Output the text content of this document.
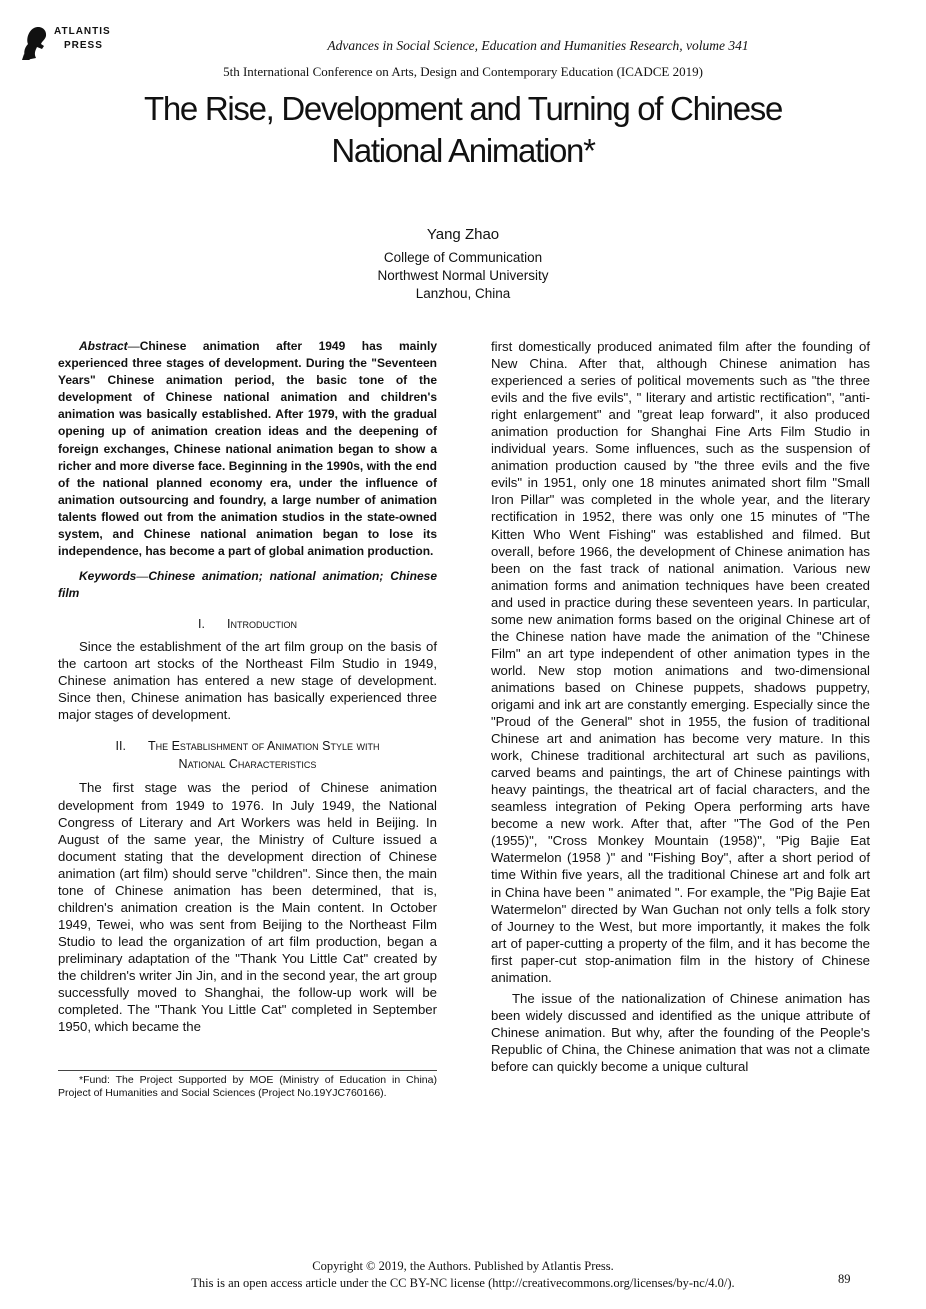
ATLANTIS
PRESS	Advances in Social Science, Education and Humanities Research, volume 341
5th International Conference on Arts, Design and Contemporary Education (ICADCE 2019)
The Rise, Development and Turning of Chinese
National Animation*
Yang Zhao
College of Communication
Northwest Normal University
Lanzhou, China

Abstract—Chinese animation after 1949 has mainly experienced three stages of development. During the "Seventeen Years" Chinese animation period, the basic tone of the development of Chinese national animation and children's animation was basically established. After 1979, with the gradual opening up of animation creation ideas and the deepening of foreign exchanges, Chinese national animation began to show a richer and more diverse face. Beginning in the 1990s, with the end of the national planned economy era, under the influence of animation outsourcing and foundry, a large number of animation talents flowed out from the animation studios in the state-owned system, and Chinese national animation began to lose its independence, has become a part of global animation production.

Keywords—Chinese animation; national animation; Chinese film

I. Introduction

Since the establishment of the art film group on the basis of the cartoon art stocks of the Northeast Film Studio in 1949, Chinese animation has entered a new stage of development. Since then, Chinese animation has basically experienced three major stages of development.

II. The Establishment of Animation Style with
National Characteristics

The first stage was the period of Chinese animation development from 1949 to 1976. In July 1949, the National Congress of Literary and Art Workers was held in Beijing. In August of the same year, the Ministry of Culture issued a document stating that the development direction of Chinese animation (art film) should serve "children". Since then, the main tone of Chinese animation has been determined, that is, children's animation creation is the Main content. In October 1949, Tewei, who was sent from Beijing to the Northeast Film Studio to lead the organization of art film production, began a preliminary adaptation of the "Thank You Little Cat" created by the children's writer Jin Jin, and in the second year, the art group successfully moved to Shanghai, the follow-up work will be completed. The "Thank You Little Cat" completed in September 1950, which became the

*Fund: The Project Supported by MOE (Ministry of Education in China) Project of Humanities and Social Sciences (Project No.19YJC760166).

first domestically produced animated film after the founding of New China. After that, although Chinese animation has experienced a series of political movements such as "the three evils and the five evils", " literary and artistic rectification", "anti-right enlargement" and "great leap forward", it also produced animation production for Shanghai Fine Arts Film Studio in individual years. Some influences, such as the suspension of animation production caused by "the three evils and the five evils" in 1951, only one 18 minutes animated short film "Small Iron Pillar" was completed in the whole year, and the literary rectification in 1952, there was only one 15 minutes of "The Kitten Who Went Fishing" was established and filmed. But overall, before 1966, the development of Chinese animation has been on the fast track of national animation. Various new animation forms and animation techniques have been created and used in practice during these seventeen years. In particular, some new animation forms based on the original Chinese art of the Chinese nation have made the animation of the "Chinese Film" an art type independent of other animation types in the world. New stop motion animations and two-dimensional animations based on Chinese puppets, shadows puppetry, origami and ink art are constantly emerging. Especially since the "Proud of the General" shot in 1955, the fusion of traditional Chinese art and animation has become very mature. In this work, Chinese traditional architectural art such as pavilions, carved beams and paintings, the art of Chinese paintings with heavy paintings, the theatrical art of facial characters, and the seamless integration of Peking Opera performing arts have become a new work. After that, after "The God of the Pen (1955)", "Cross Monkey Mountain (1958)", "Pig Bajie Eat Watermelon (1958 )" and "Fishing Boy", after a short period of time Within five years, all the traditional Chinese art and folk art in China have been " animated ". For example, the "Pig Bajie Eat Watermelon" directed by Wan Guchan not only tells a folk story of Journey to the West, but more importantly, it makes the folk art of paper-cutting a property of the film, and it has become the first paper-cut stop-animation film in the history of Chinese animation.

The issue of the nationalization of Chinese animation has been widely discussed and identified as the unique attribute of Chinese animation. But why, after the founding of the People's Republic of China, the Chinese animation that was not a climate before can quickly become a unique cultural

Copyright © 2019, the Authors. Published by Atlantis Press.
This is an open access article under the CC BY-NC license (http://creativecommons.org/licenses/by-nc/4.0/).	89
